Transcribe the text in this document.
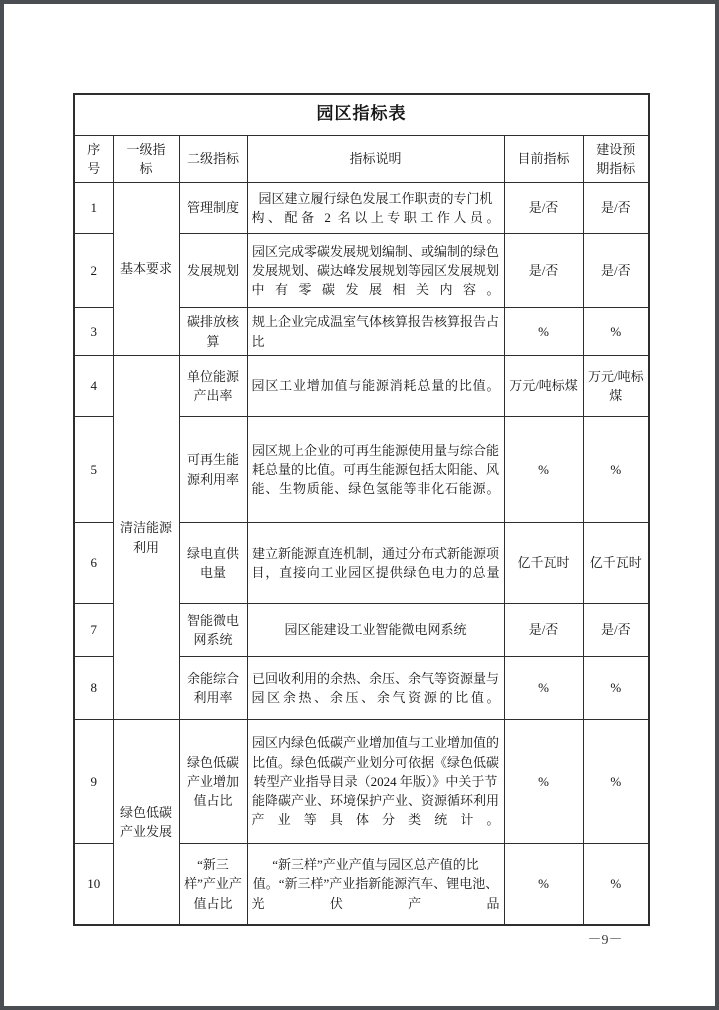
园区指标表					
序号	一级指标	二级指标	指标说明	目前指标	建设预期指标
1	基本要求	管理制度	园区建立履行绿色发展工作职责的专门机构、配备 2 名以上专职工作人员。	是/否	是/否
2		发展规划	园区完成零碳发展规划编制、或编制的绿色发展规划、碳达峰发展规划等园区发展规划中有零碳发展相关内容。	是/否	是/否
3		碳排放核算	规上企业完成温室气体核算报告核算报告占比	%	%
4	清洁能源利用	单位能源产出率	园区工业增加值与能源消耗总量的比值。	万元/吨标煤	万元/吨标煤
5		可再生能源利用率	园区规上企业的可再生能源使用量与综合能耗总量的比值。可再生能源包括太阳能、风能、生物质能、绿色氢能等非化石能源。	%	%
6		绿电直供电量	建立新能源直连机制，通过分布式新能源项目，直接向工业园区提供绿色电力的总量	亿千瓦时	亿千瓦时
7		智能微电网系统	园区能建设工业智能微电网系统	是/否	是/否
8		余能综合利用率	已回收利用的余热、余压、余气等资源量与园区余热、余压、余气资源的比值。	%	%
9	绿色低碳产业发展	绿色低碳产业增加值占比	园区内绿色低碳产业增加值与工业增加值的比值。绿色低碳产业划分可依据《绿色低碳转型产业指导目录（2024 年版）》中关于节能降碳产业、环境保护产业、资源循环利用产业等具体分类统计。	%	%
10		“新三样”产业产值占比	“新三样”产业产值与园区总产值的比值。“新三样”产业指新能源汽车、锂电池、光伏产品	%	%
－9－
